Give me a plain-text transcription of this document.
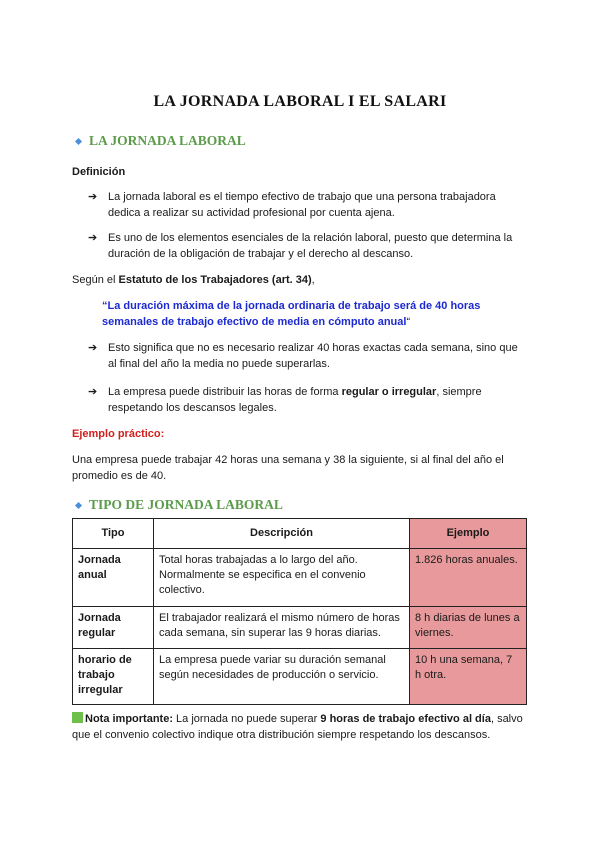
LA JORNADA LABORAL I EL SALARI
LA JORNADA LABORAL
Definición
➔ La jornada laboral es el tiempo efectivo de trabajo que una persona trabajadora dedica a realizar su actividad profesional por cuenta ajena.
➔ Es uno de los elementos esenciales de la relación laboral, puesto que determina la duración de la obligación de trabajar y el derecho al descanso.
Según el Estatuto de los Trabajadores (art. 34),
“La duración máxima de la jornada ordinaria de trabajo será de 40 horas semanales de trabajo efectivo de media en cómputo anual“
➔ Esto significa que no es necesario realizar 40 horas exactas cada semana, sino que al final del año la media no puede superarlas.
➔ La empresa puede distribuir las horas de forma regular o irregular, siempre respetando los descansos legales.
Ejemplo práctico:
Una empresa puede trabajar 42 horas una semana y 38 la siguiente, si al final del año el promedio es de 40.
TIPO DE JORNADA LABORAL
Tipo	Descripción	Ejemplo
Jornada anual	Total horas trabajadas a lo largo del año. Normalmente se especifica en el convenio colectivo.	1.826 horas anuales.
Jornada regular	El trabajador realizará el mismo número de horas cada semana, sin superar las 9 horas diarias.	8 h diarias de lunes a viernes.
horario de trabajo irregular	La empresa puede variar su duración semanal según necesidades de producción o servicio.	10 h una semana, 7 h otra.
Nota importante: La jornada no puede superar 9 horas de trabajo efectivo al día, salvo que el convenio colectivo indique otra distribución siempre respetando los descansos.
